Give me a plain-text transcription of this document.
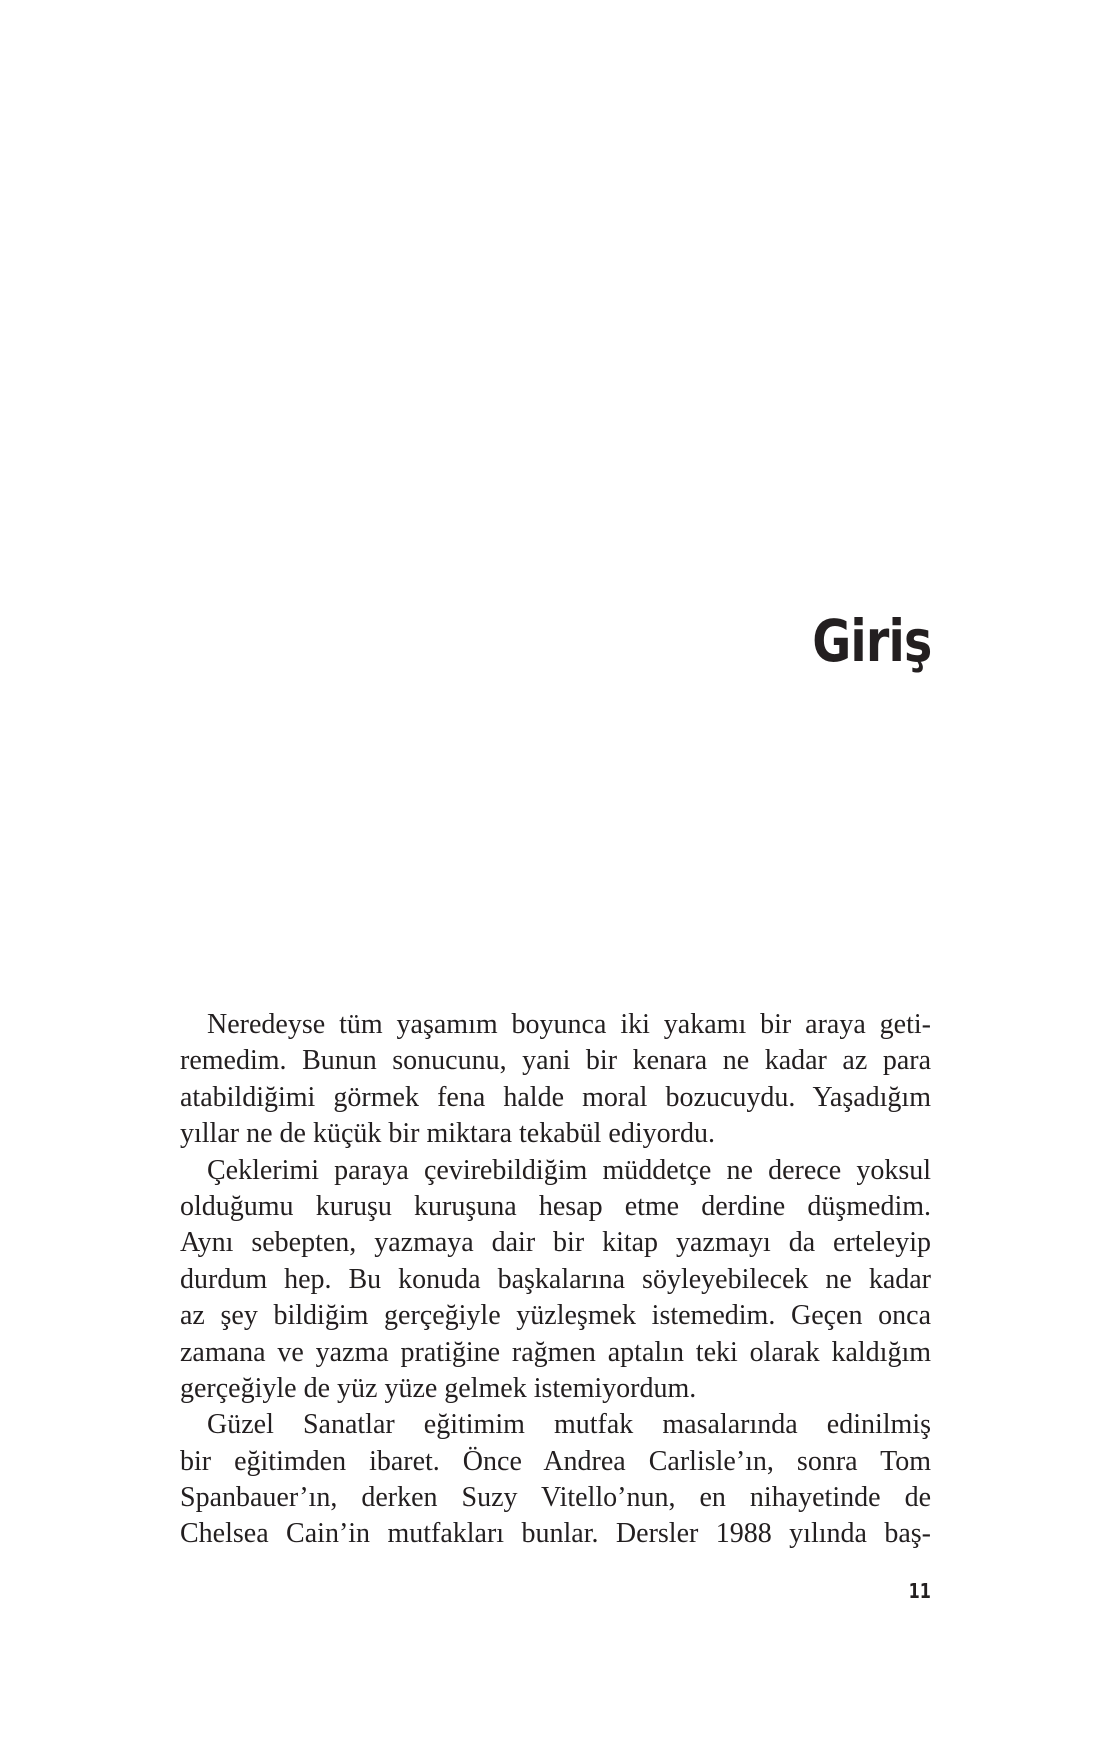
Giriş
Neredeyse tüm yaşamım boyunca iki yakamı bir araya geti-
remedim. Bunun sonucunu, yani bir kenara ne kadar az para
atabildiğimi görmek fena halde moral bozucuydu. Yaşadığım
yıllar ne de küçük bir miktara tekabül ediyordu.
Çeklerimi paraya çevirebildiğim müddetçe ne derece yoksul
olduğumu kuruşu kuruşuna hesap etme derdine düşmedim.
Aynı sebepten, yazmaya dair bir kitap yazmayı da erteleyip
durdum hep. Bu konuda başkalarına söyleyebilecek ne kadar
az şey bildiğim gerçeğiyle yüzleşmek istemedim. Geçen onca
zamana ve yazma pratiğine rağmen aptalın teki olarak kaldığım
gerçeğiyle de yüz yüze gelmek istemiyordum.
Güzel Sanatlar eğitimim mutfak masalarında edinilmiş
bir eğitimden ibaret. Önce Andrea Carlisle’ın, sonra Tom
Spanbauer’ın, derken Suzy Vitello’nun, en nihayetinde de
Chelsea Cain’in mutfakları bunlar. Dersler 1988 yılında baş-
11
